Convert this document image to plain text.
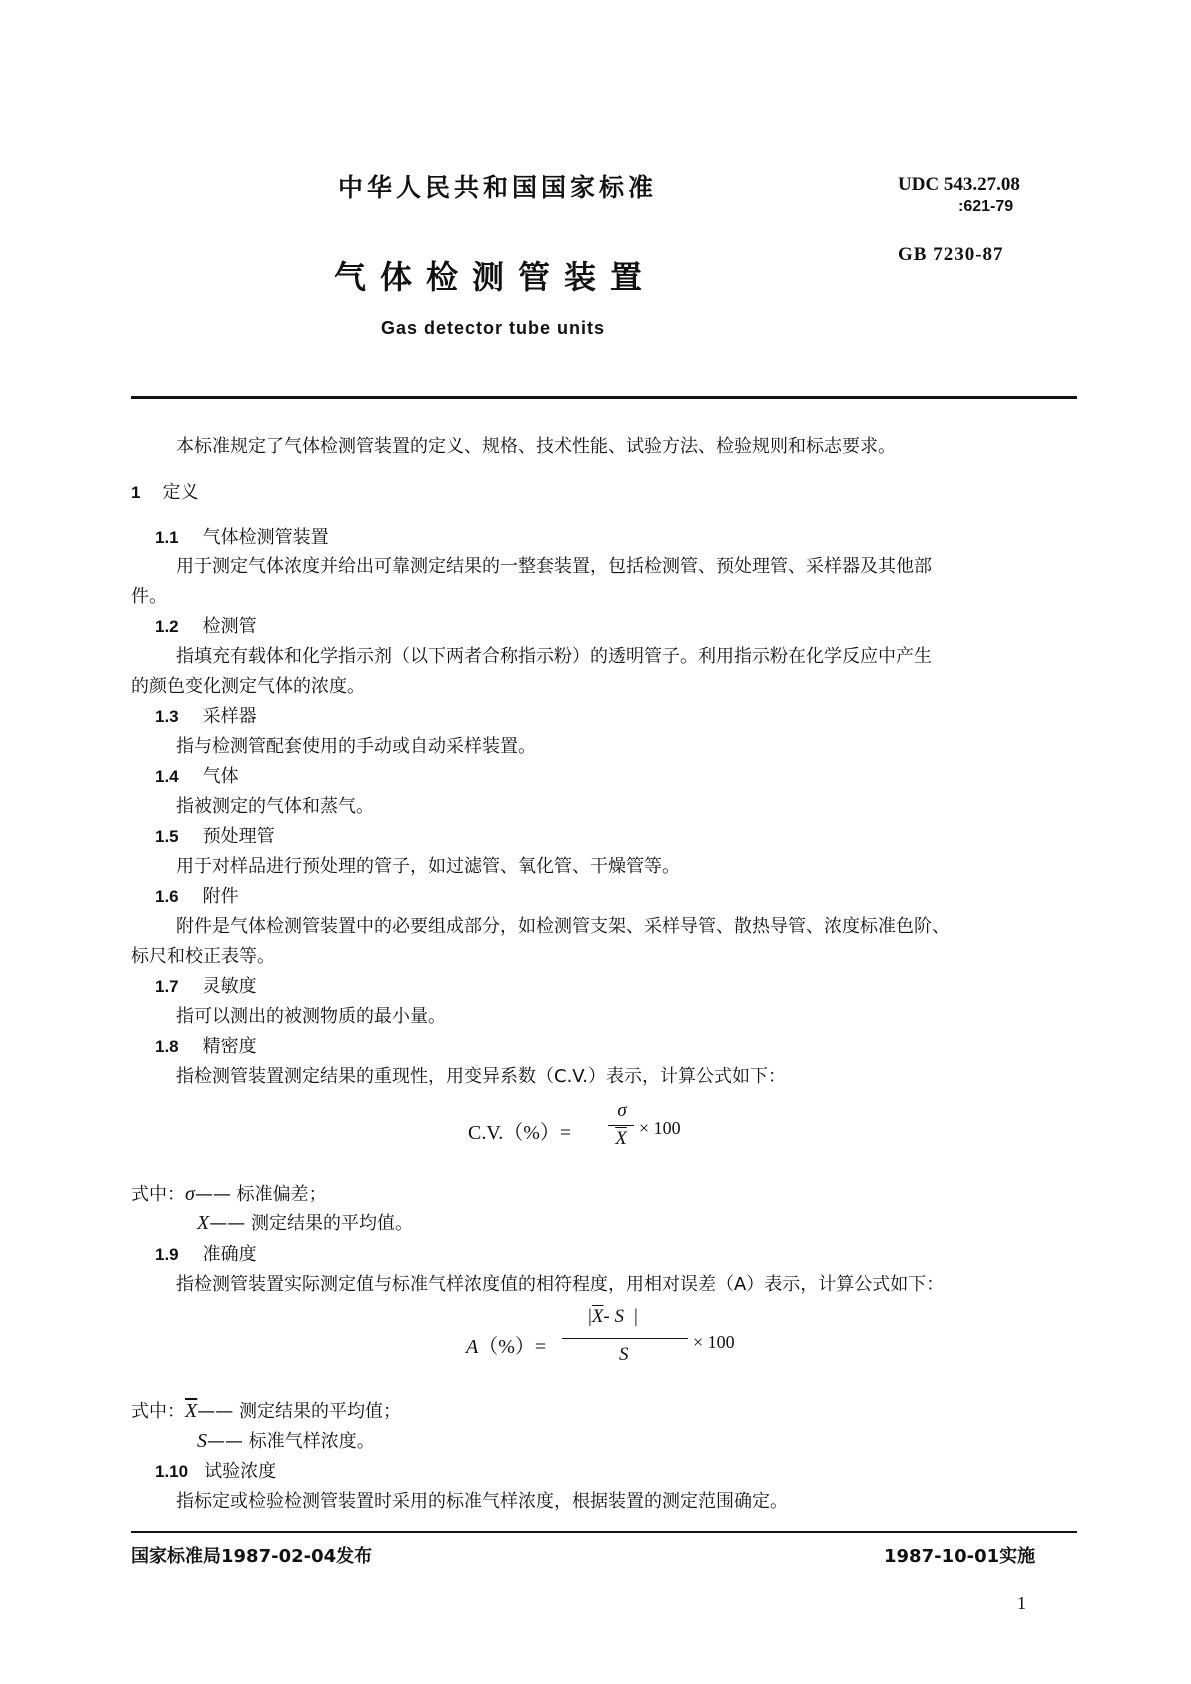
中华人民共和国国家标准	UDC 543.27.08
:621-79
GB 7230-87
气体检测管装置
Gas detector tube units
本标准规定了气体检测管装置的定义、规格、技术性能、试验方法、检验规则和标志要求。
1 定义
1.1 气体检测管装置
用于测定气体浓度并给出可靠测定结果的一整套装置，包括检测管、预处理管、采样器及其他部
件。
1.2 检测管
指填充有载体和化学指示剂（以下两者合称指示粉）的透明管子。利用指示粉在化学反应中产生
的颜色变化测定气体的浓度。
1.3 采样器
指与检测管配套使用的手动或自动采样装置。
1.4 气体
指被测定的气体和蒸气。
1.5 预处理管
用于对样品进行预处理的管子，如过滤管、氧化管、干燥管等。
1.6 附件
附件是气体检测管装置中的必要组成部分，如检测管支架、采样导管、散热导管、浓度标准色阶、
标尺和校正表等。
1.7 灵敏度
指可以测出的被测物质的最小量。
1.8 精密度
指检测管装置测定结果的重现性，用变异系数（C.V.）表示，计算公式如下：
C.V.（%）=
σ
$\overline{X} \times 100$
式中：σ—— 标准偏差；
X—— 测定结果的平均值。
1.9 准确度
指检测管装置实际测定值与标准气样浓度值的相符程度，用相对误差（A）表示，计算公式如下：
A（%）=
$|\overline{X}-$ S |
S
× 100
式中：$\overline{X}——$ 测定结果的平均值；
S—— 标准气样浓度。
1.10 试验浓度
指标定或检验检测管装置时采用的标准气样浓度，根据装置的测定范围确定。
国家标准局1987-02-04发布	1987-10-01实施
1
